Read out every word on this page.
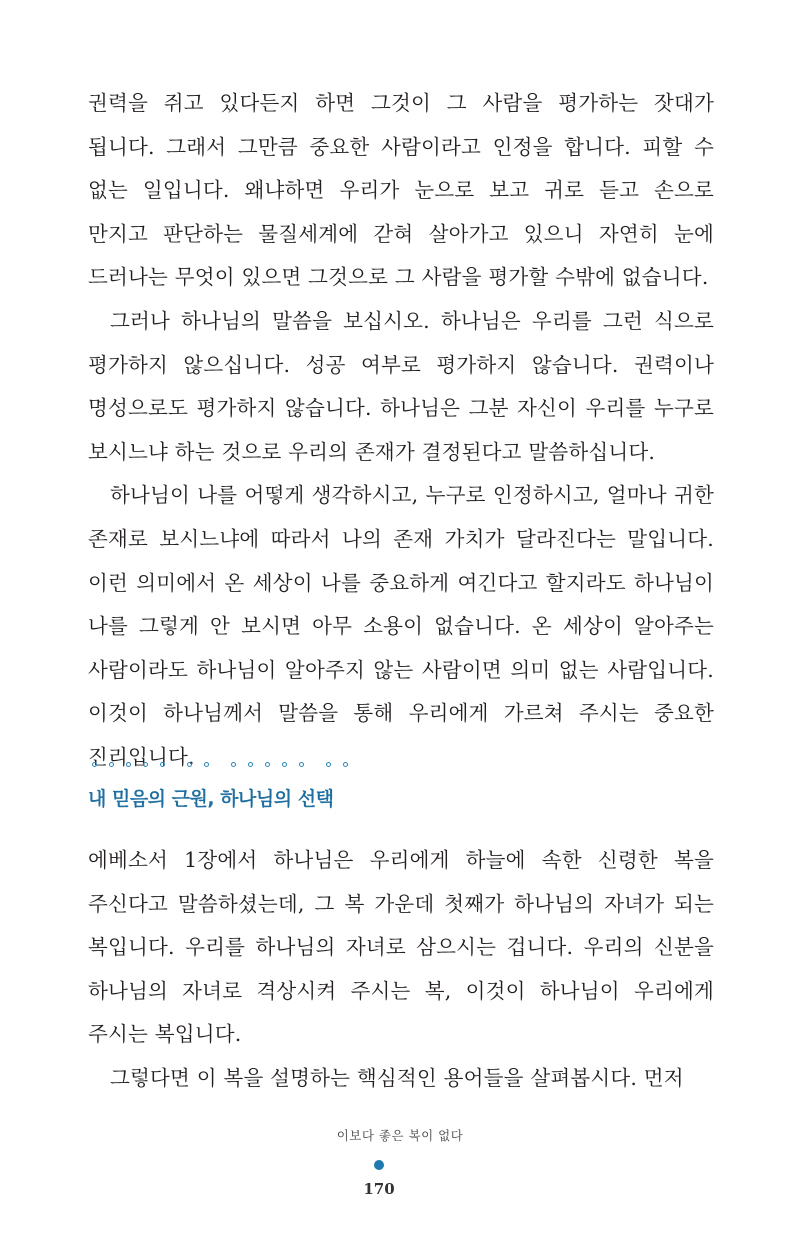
권력을 쥐고 있다든지 하면 그것이 그 사람을 평가하는 잣대가 됩니다. 그래서 그만큼 중요한 사람이라고 인정을 합니다. 피할 수 없는 일입니다. 왜냐하면 우리가 눈으로 보고 귀로 듣고 손으로 만지고 판단하는 물질세계에 갇혀 살아가고 있으니 자연히 눈에 드러나는 무엇이 있으면 그것으로 그 사람을 평가할 수밖에 없습니다.

그러나 하나님의 말씀을 보십시오. 하나님은 우리를 그런 식으로 평가하지 않으십니다. 성공 여부로 평가하지 않습니다. 권력이나 명성으로도 평가하지 않습니다. 하나님은 그분 자신이 우리를 누구로 보시느냐 하는 것으로 우리의 존재가 결정된다고 말씀하십니다.

하나님이 나를 어떻게 생각하시고, 누구로 인정하시고, 얼마나 귀한 존재로 보시느냐에 따라서 나의 존재 가치가 달라진다는 말입니다. 이런 의미에서 온 세상이 나를 중요하게 여긴다고 할지라도 하나님이 나를 그렇게 안 보시면 아무 소용이 없습니다. 온 세상이 알아주는 사람이라도 하나님이 알아주지 않는 사람이면 의미 없는 사람입니다. 이것이 하나님께서 말씀을 통해 우리에게 가르쳐 주시는 중요한 진리입니다.

내 믿음의 근원, 하나님의 선택

에베소서 1장에서 하나님은 우리에게 하늘에 속한 신령한 복을 주신다고 말씀하셨는데, 그 복 가운데 첫째가 하나님의 자녀가 되는 복입니다. 우리를 하나님의 자녀로 삼으시는 겁니다. 우리의 신분을 하나님의 자녀로 격상시켜 주시는 복, 이것이 하나님이 우리에게 주시는 복입니다.

그렇다면 이 복을 설명하는 핵심적인 용어들을 살펴봅시다. 먼저

이보다 좋은 복이 없다
170
